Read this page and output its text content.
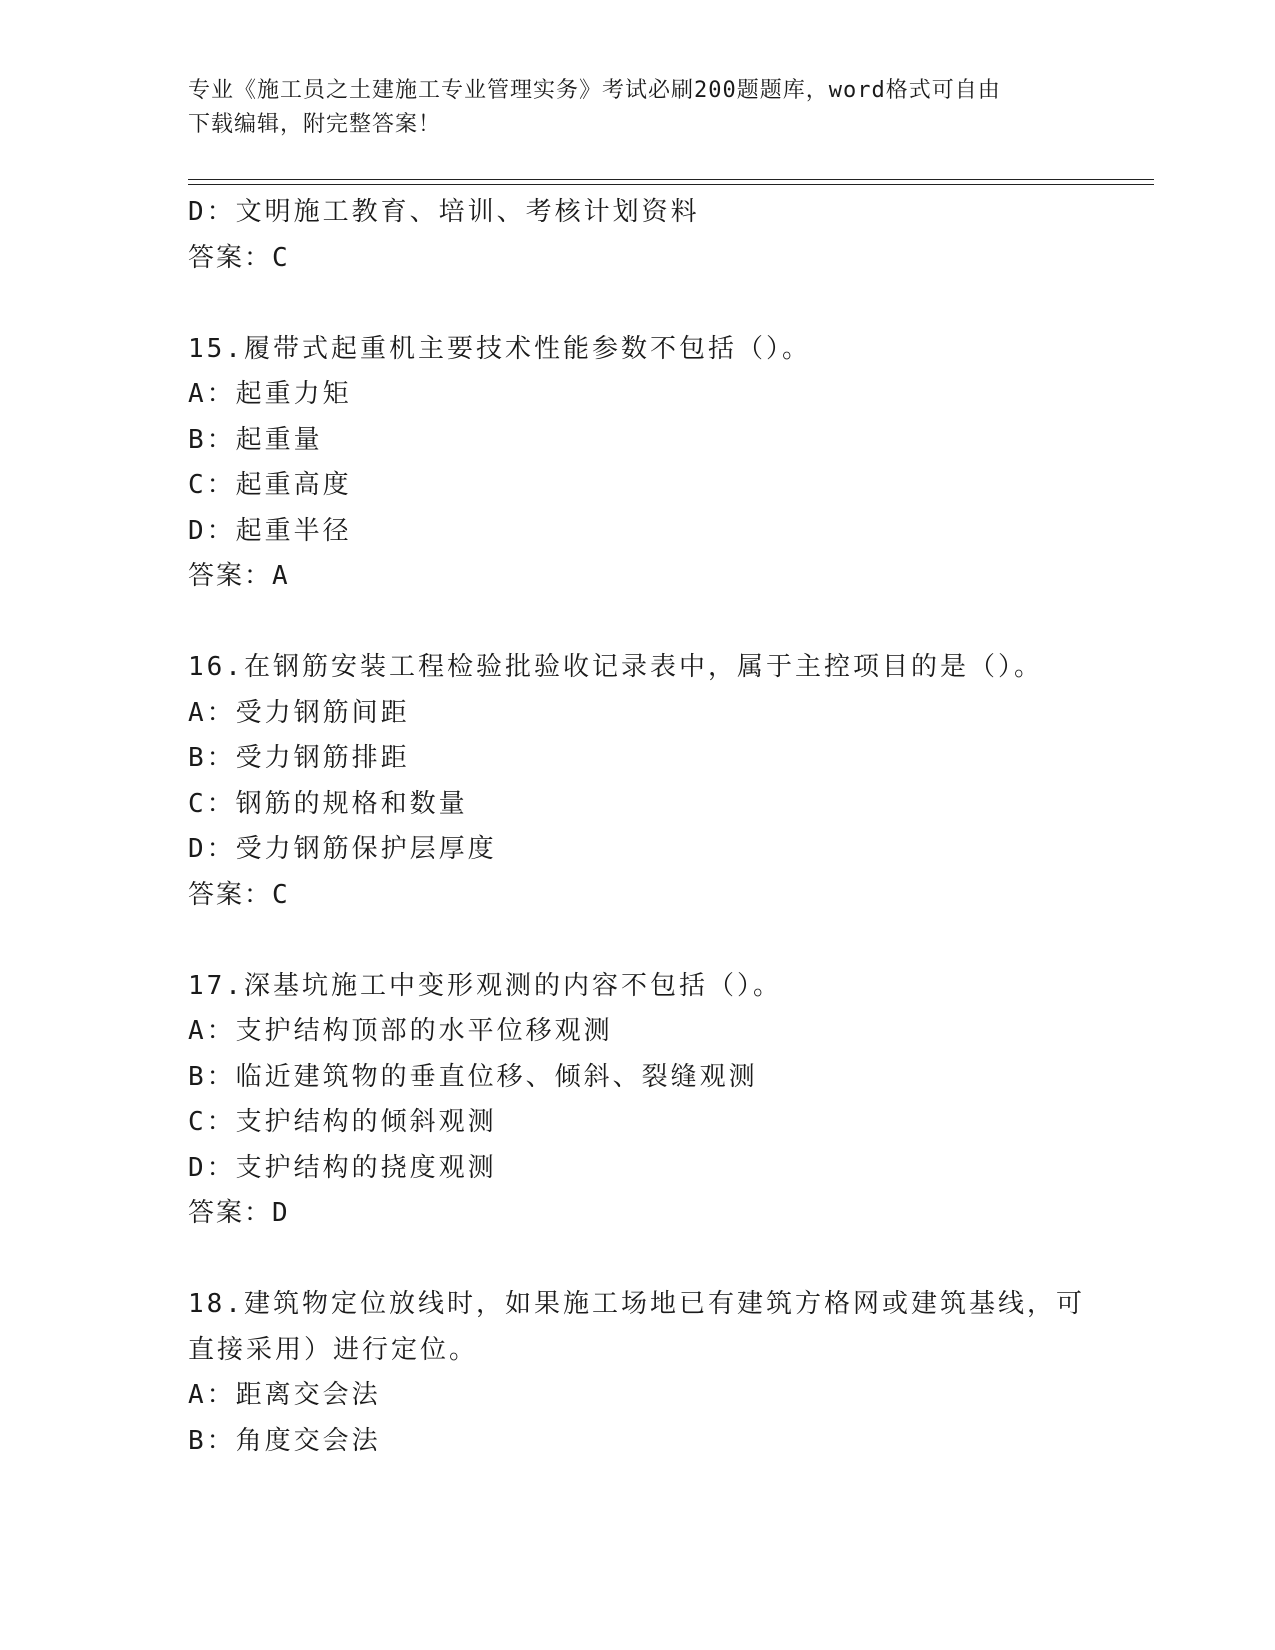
专业《施工员之土建施工专业管理实务》考试必刷200题题库，word格式可自由
下载编辑，附完整答案！
D：文明施工教育、培训、考核计划资料
答案：C
15.履带式起重机主要技术性能参数不包括（）。
A：起重力矩
B：起重量
C：起重高度
D：起重半径
答案：A
16.在钢筋安装工程检验批验收记录表中，属于主控项目的是（）。
A：受力钢筋间距
B：受力钢筋排距
C：钢筋的规格和数量
D：受力钢筋保护层厚度
答案：C
17.深基坑施工中变形观测的内容不包括（）。
A：支护结构顶部的水平位移观测
B：临近建筑物的垂直位移、倾斜、裂缝观测
C：支护结构的倾斜观测
D：支护结构的挠度观测
答案：D
18.建筑物定位放线时，如果施工场地已有建筑方格网或建筑基线，可
直接采用）进行定位。
A：距离交会法
B：角度交会法
